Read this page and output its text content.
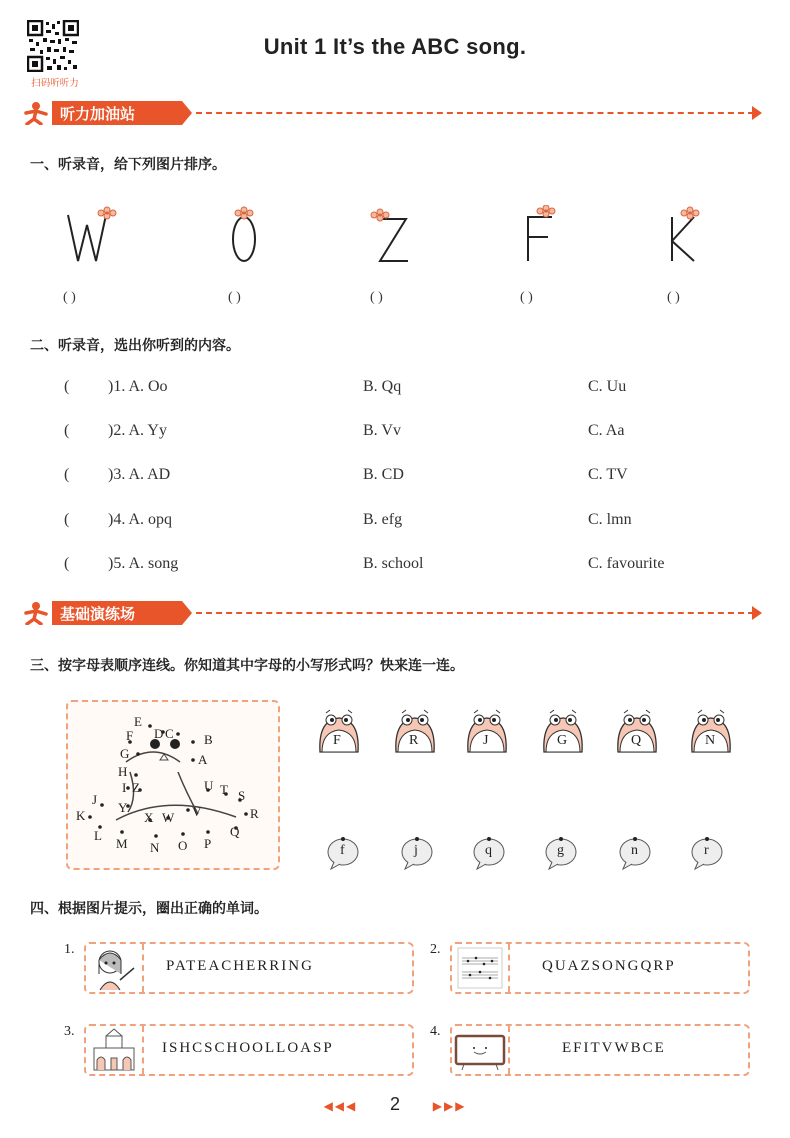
扫码听听力
Unit 1 It’s the ABC song.
听力加油站
一、听录音，给下列图片排序。
( )	( )	( )	( )	( )
二、听录音，选出你听到的内容。
( )1. A. Oo	B. Qq	C. Uu
( )2. A. Yy	B. Vv	C. Aa
( )3. A. AD	B. CD	C. TV
( )4. A. opq	B. efg	C. lmn
( )5. A. song	B. school	C. favourite
基础演练场
三、按字母表顺序连线。你知道其中字母的小写形式吗？快来连一连。
E
D C B
F
G	A
H
I Z	U T S
J
Y	R
K	X W V
L	Q
M N O P
F	R	J	G	Q	N
f	j	q	g	n	r
四、根据图片提示，圈出正确的单词。
1.
PATEACHERRING
2.
QUAZSONGQRP
3.
ISHCSCHOOLLOASP
4.
EFITVWBCE
◀◀◀ 2	▶▶▶
